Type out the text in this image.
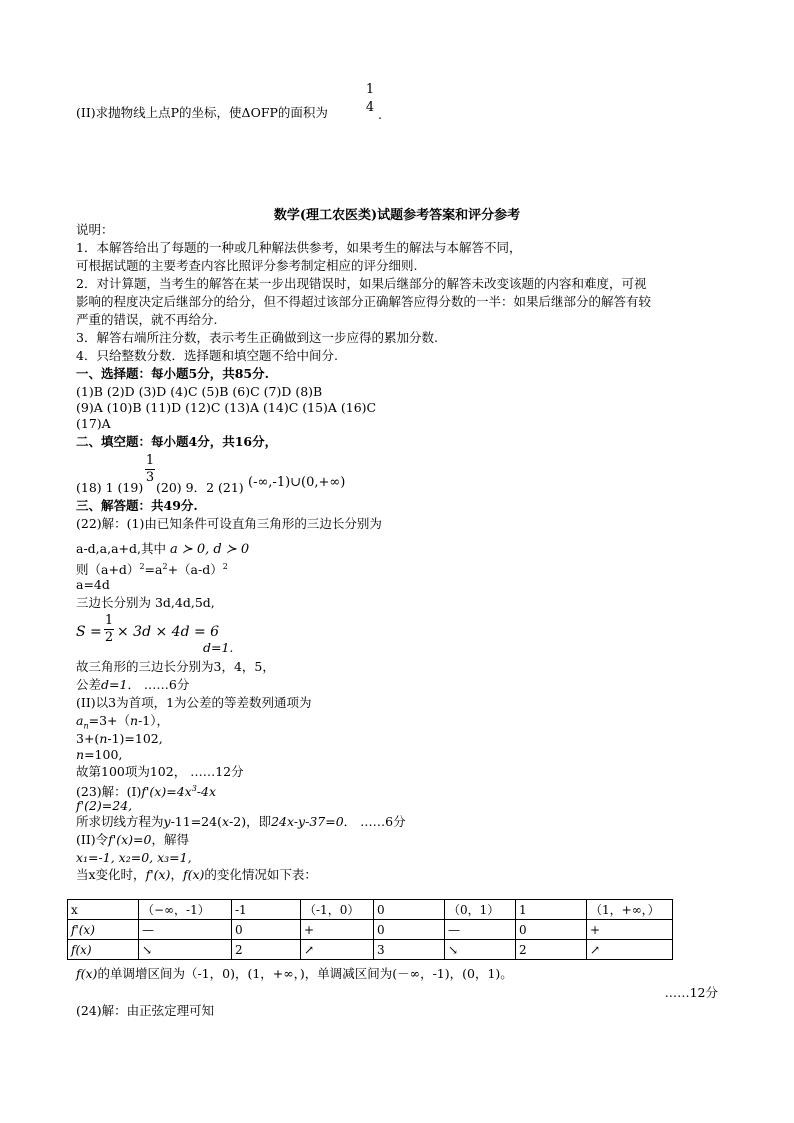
(II)求抛物线上点P的坐标，使ΔOFP的面积为
1
4 .
数学(理工农医类)试题参考答案和评分参考
说明：
1．本解答给出了每题的一种或几种解法供参考，如果考生的解法与本解答不同，
可根据试题的主要考查内容比照评分参考制定相应的评分细则.
2．对计算题，当考生的解答在某一步出现错误时，如果后继部分的解答未改变该题的内容和难度，可视
影响的程度决定后继部分的给分，但不得超过该部分正确解答应得分数的一半：如果后继部分的解答有较
严重的错误，就不再给分.
3．解答右端所注分数，表示考生正确做到这一步应得的累加分数.
4．只给整数分数．选择题和填空题不给中间分.
一、选择题：每小题5分，共85分.
(1)B (2)D (3)D (4)C (5)B (6)C (7)D (8)B
(9)A (10)B (11)D (12)C (13)A (14)C (15)A (16)C
(17)A
二、填空题：每小题4分，共16分，
(18) 1 (19)
1
3
(20) 9．2 (21) (-∞,-1)∪(0,+∞)
三、解答题：共49分.
(22)解：(1)由已知条件可设直角三角形的三边长分别为
a-d,a,a+d,其中 a ≻ 0, d ≻ 0
则$(a+d)^2=a^2+(a-d)^2$
a=4d
三边长分别为 3d,4d,5d,
S =
1
2 × 3d × 4d = 6
d=1.
故三角形的三边长分别为3，4，5，
公差d=1． ……6分
(II)以3为首项，1为公差的等差数列通项为
$a_n=3+(n-1)$，
3+(n-1)=102,
n=100,
故第100项为102， ……12分
(23)解：$(I)f'(x)=4x^3-4x$
f'(2)=24,
所求切线方程为y-11=24(x-2)，即24x-y-37=0． ……6分
(II)令f'(x)=0，解得
x₁=-1, x₂=0, x₃=1,
当x变化时，f'(x)，f(x)的变化情况如下表：
x	（−∞，-1）	-1	（-1，0）	0	（0，1）	1	（1，+∞，）
f'(x)	—	0	+	0	—	0	+
f(x)	↘	2	↗	3	↘	2	↗
f(x)的单调增区间为（-1，0)，(1，+∞，)，单调减区间为(－∞，-1)，(0，1)。
……12分
(24)解：由正弦定理可知
